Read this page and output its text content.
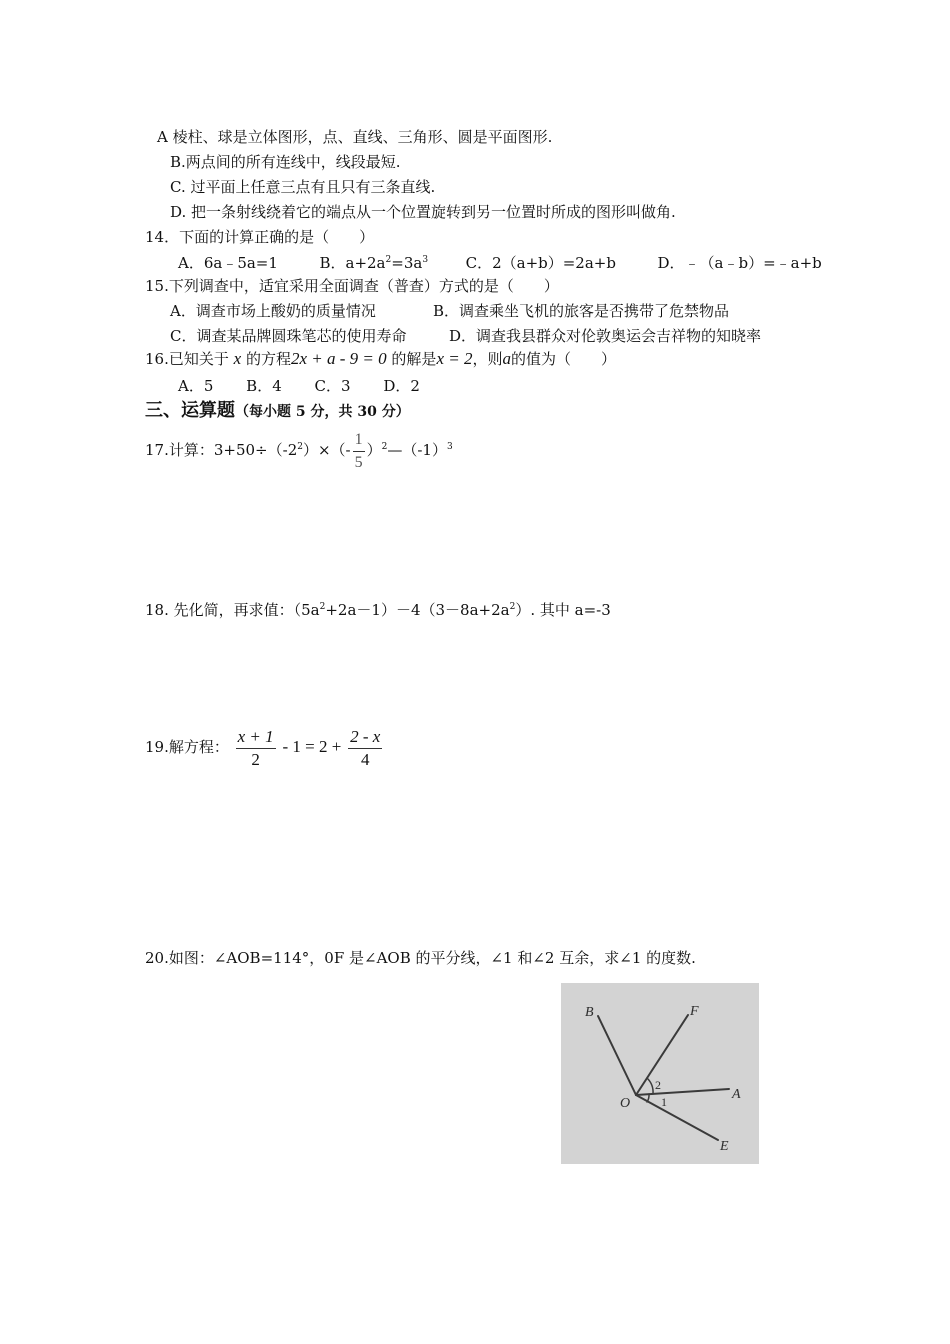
A 棱柱、球是立体图形，点、直线、三角形、圆是平面图形.
B.两点间的所有连线中，线段最短.
C. 过平面上任意三点有且只有三条直线.
D. 把一条射线绕着它的端点从一个位置旋转到另一位置时所成的图形叫做角.
14．下面的计算正确的是（　　）
A．6a﹣5a=1	B．$a+2a^2=3a^3$	C．2（a+b）=2a+b	D．﹣（a﹣b）=﹣a+b
15.下列调查中，适宜采用全面调查（普查）方式的是（　　）
A．调查市场上酸奶的质量情况	B．调查乘坐飞机的旅客是否携带了危禁物品
C．调查某品牌圆珠笔芯的使用寿命	D．调查我县群众对伦敦奥运会吉祥物的知晓率
16.已知关于 x 的方程2x + a - 9 = 0 的解是x = 2，则a的值为（　　）
A．5 B．4 C．3 D．2
三、运算题（每小题 5 分，共 30 分）
17.计算：$3+50\div(-2^2)\times(- \frac{1}{5}$ ）$^2—(-1)^3$
18. 先化简，再求值：$(5a^2+2a-1)-4(3-8a+2a^2)$. 其中 a=-3
19.解方程： $\frac{x + 1}{2} - 1 = 2 + \frac{2 - x}{4}$
20.如图：∠AOB=114°，0F 是∠AOB 的平分线，∠1 和∠2 互余，求∠1 的度数.
B	F
O
A
E
2
1
